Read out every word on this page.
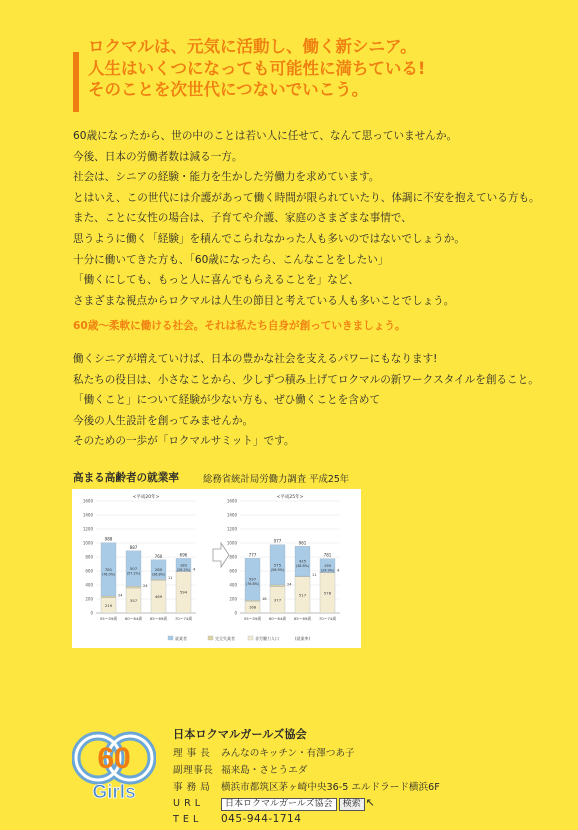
ロクマルは、元気に活動し、働く新シニア。
人生はいくつになっても可能性に満ちている!
そのことを次世代につないでいこう。
60歳になったから、世の中のことは若い人に任せて、なんて思っていませんか。
今後、日本の労働者数は減る一方。
社会は、シニアの経験・能力を生かした労働力を求めています。
とはいえ、この世代には介護があって働く時間が限られていたり、体調に不安を抱えている方も。
また、ことに女性の場合は、子育てや介護、家庭のさまざまな事情で、
思うように働く「経験」を積んでこられなかった人も多いのではないでしょうか。
十分に働いてきた方も、「60歳になったら、こんなことをしたい」
「働くにしても、もっと人に喜んでもらえることを」など、
さまざまな視点からロクマルは人生の節目と考えている人も多いことでしょう。
60歳〜柔軟に働ける社会。それは私たち自身が創っていきましょう。
働くシニアが増えていけば、日本の豊かな社会を支えるパワーにもなります!
私たちの役目は、小さなことから、少しずつ積み上げてロクマルの新ワークスタイルを創ること。
「働くこと」について経験が少ない方も、ぜひ働くことを含めて
今後の人生設計を創ってみませんか。
そのための一歩が「ロクマルサミット」です。
高まる高齢者の就業率	総務省統計局労働力調査 平成25年
<平成20年>
0
200
400
600
800
1000
1200
1400
1600
219
24
761
(76.0%)
988
55〜59歳
357
24
507
(57.2%)
887
60〜64歳
469
11
280
(36.8%)
760
65〜69歳
594
4
182
(26.2%)
696
70〜74歳
<平成25年>
0
200
400
600
800
1000
1200
1400
1600
168
16
597
(76.8%)
777
55〜59歳
377
24
575
(58.9%)
977
60〜64歳
517
11
425
(38.8%)
961
65〜69歳
578
4
195
(24.9%)
781
70〜74歳
就業者	完全失業者	非労働力人口	(就業率)
60
Girls
日本ロクマルガールズ協会
理 事 長 みんなのキッチン・有澤つあ子
副理事長 福来島・さとうエダ
事 務 局 横浜市都筑区茅ヶ崎中央36-5 エルドラード横浜6F
U R L	日本ロクマルガールズ協会 検索 ↖
T E L 045-944-1714
